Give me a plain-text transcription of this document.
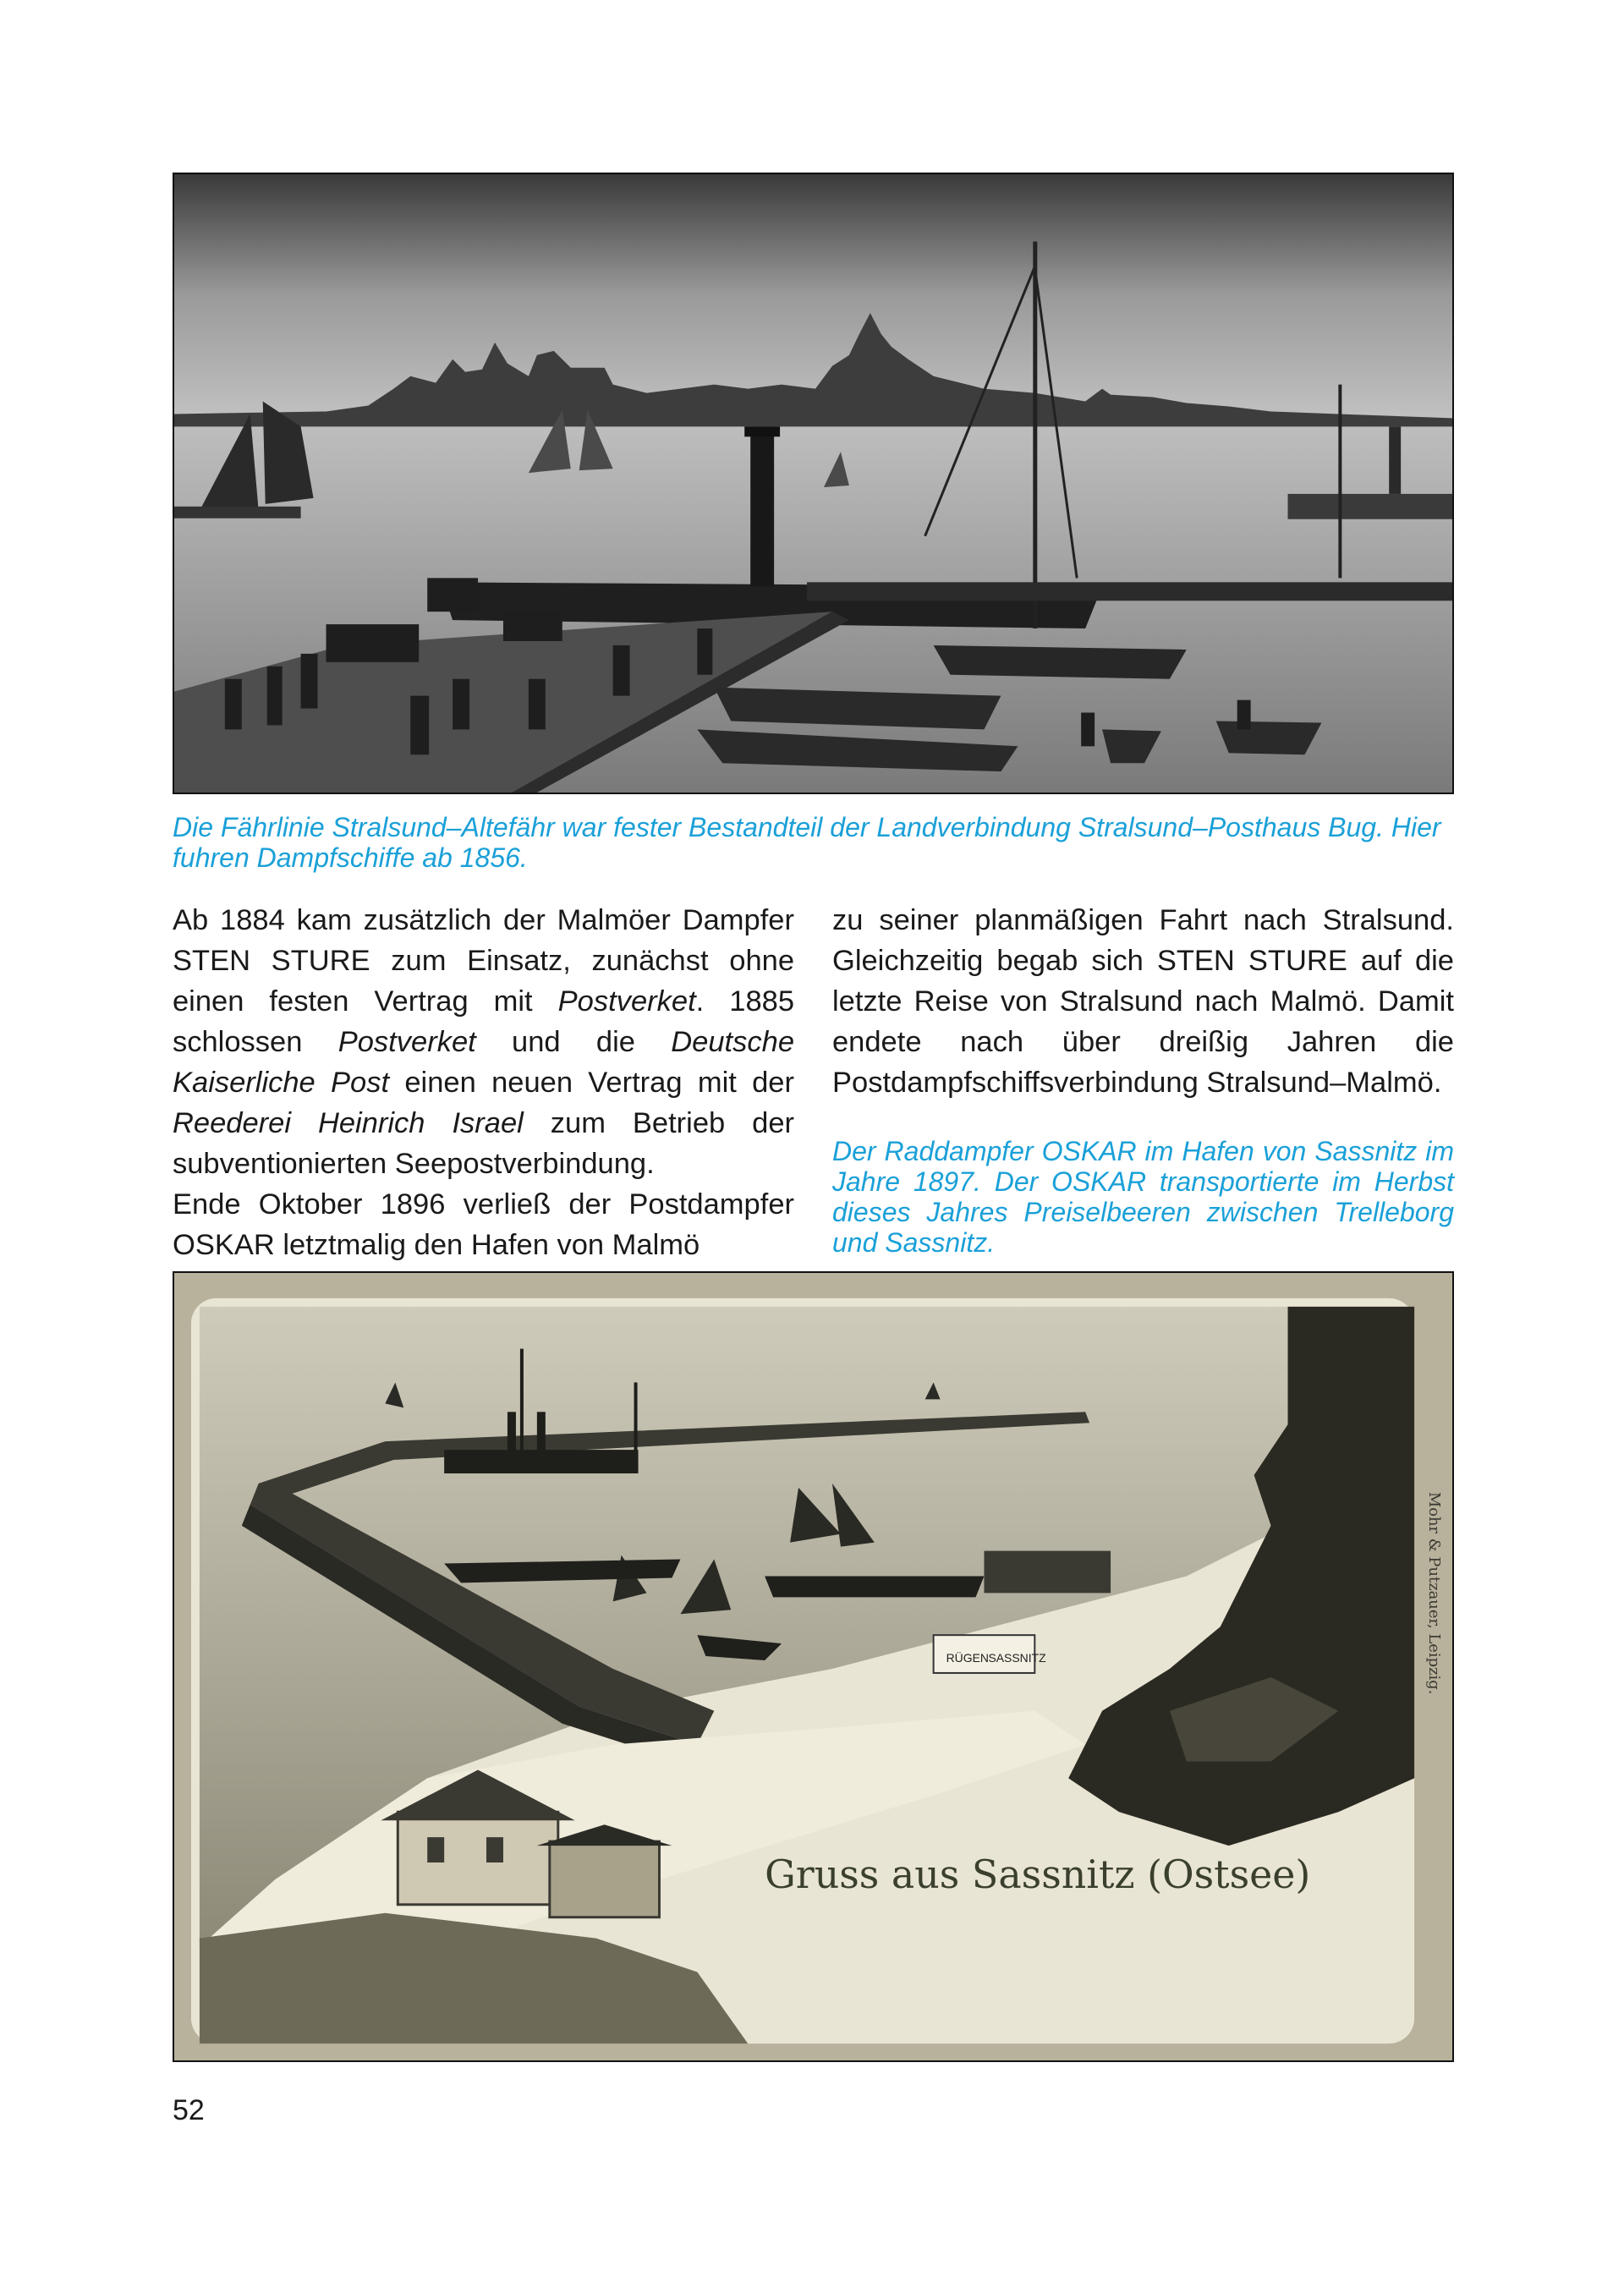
Die Fährlinie Stralsund–Altefähr war fester Bestandteil der Landverbindung Stralsund–Posthaus Bug. Hier fuhren Dampfschiffe ab 1856.

Ab 1884 kam zusätzlich der Malmöer Dampfer STEN STURE zum Einsatz, zunächst ohne einen festen Vertrag mit Postverket. 1885 schlossen Postverket und die Deutsche Kaiserliche Post einen neuen Vertrag mit der Reederei Heinrich Israel zum Betrieb der subventionierten Seepostverbindung.

Ende Oktober 1896 verließ der Postdampfer OSKAR letztmalig den Hafen von Malmö

zu seiner planmäßigen Fahrt nach Stralsund. Gleichzeitig begab sich STEN STURE auf die letzte Reise von Stralsund nach Malmö. Damit endete nach über dreißig Jahren die Postdampfschiffsverbindung Stralsund–Malmö.

Der Raddampfer OSKAR im Hafen von Sassnitz im Jahre 1897. Der OSKAR transportierte im Herbst dieses Jahres Preiselbeeren zwischen Trelleborg und Sassnitz.
RÜGEN SASSNITZ
Gruss aus Sassnitz (Ostsee)
Mohr & Putzauer, Leipzig.
52
